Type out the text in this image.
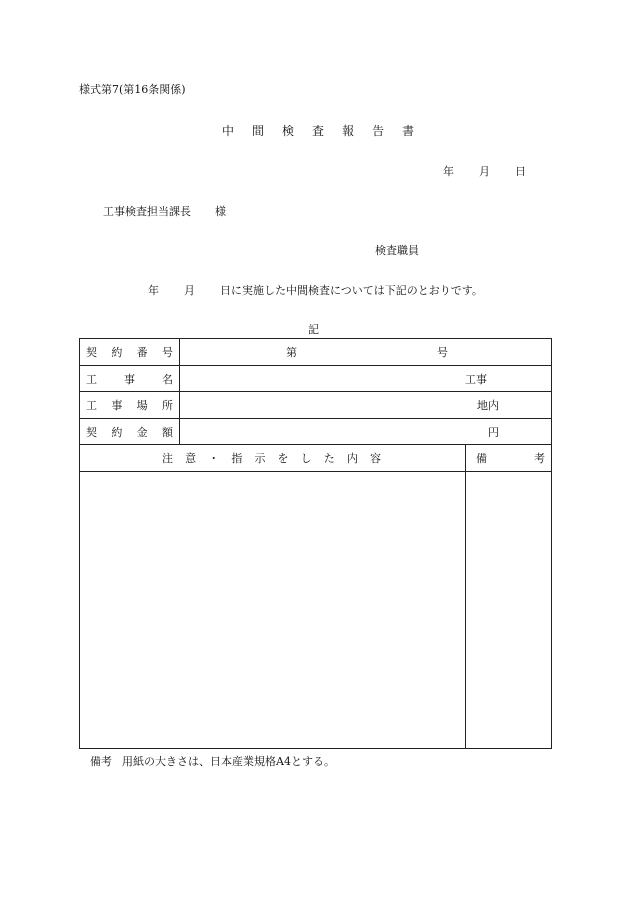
様式第7(第16条関係)
中 間 検 査 報 告 書
年 月 日
工事検査担当課長 様
検査職員
年 月 日に実施した中間検査については下記のとおりです。
記
契 約 番 号	第	号
工 事 名	工事
工 事 場 所	地内
契 約 金 額	円
注 意 ・ 指 示 を し た 内 容	備	考
備考 用紙の大きさは、日本産業規格A4とする。
